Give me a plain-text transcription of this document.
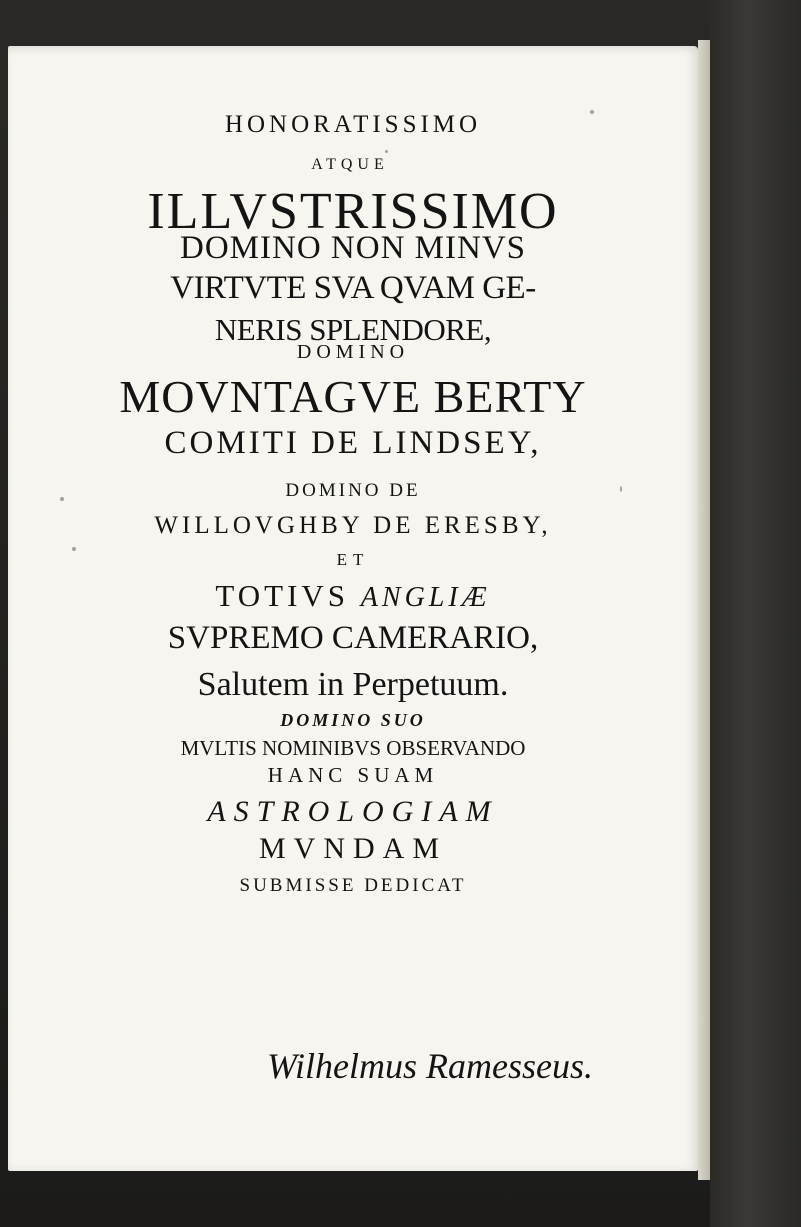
HONORATISSIMO
ATQUE
ILLVSTRISSIMO
DOMINO NON MINVS
VIRTVTE SVA QVAM GE-
NERIS SPLENDORE,
DOMINO
MOVNTAGVE BERTY
COMITI DE LINDSEY,
DOMINO DE
WILLOVGHBY DE ERESBY,
ET
TOTIVS ANGLIÆ
SVPREMO CAMERARIO,
Salutem in Perpetuum.
DOMINO SUO
MVLTIS NOMINIBVS OBSERVANDO
HANC SUAM
ASTROLOGIAM
MVNDAM
SUBMISSE DEDICAT
Wilhelmus Ramesseus.
